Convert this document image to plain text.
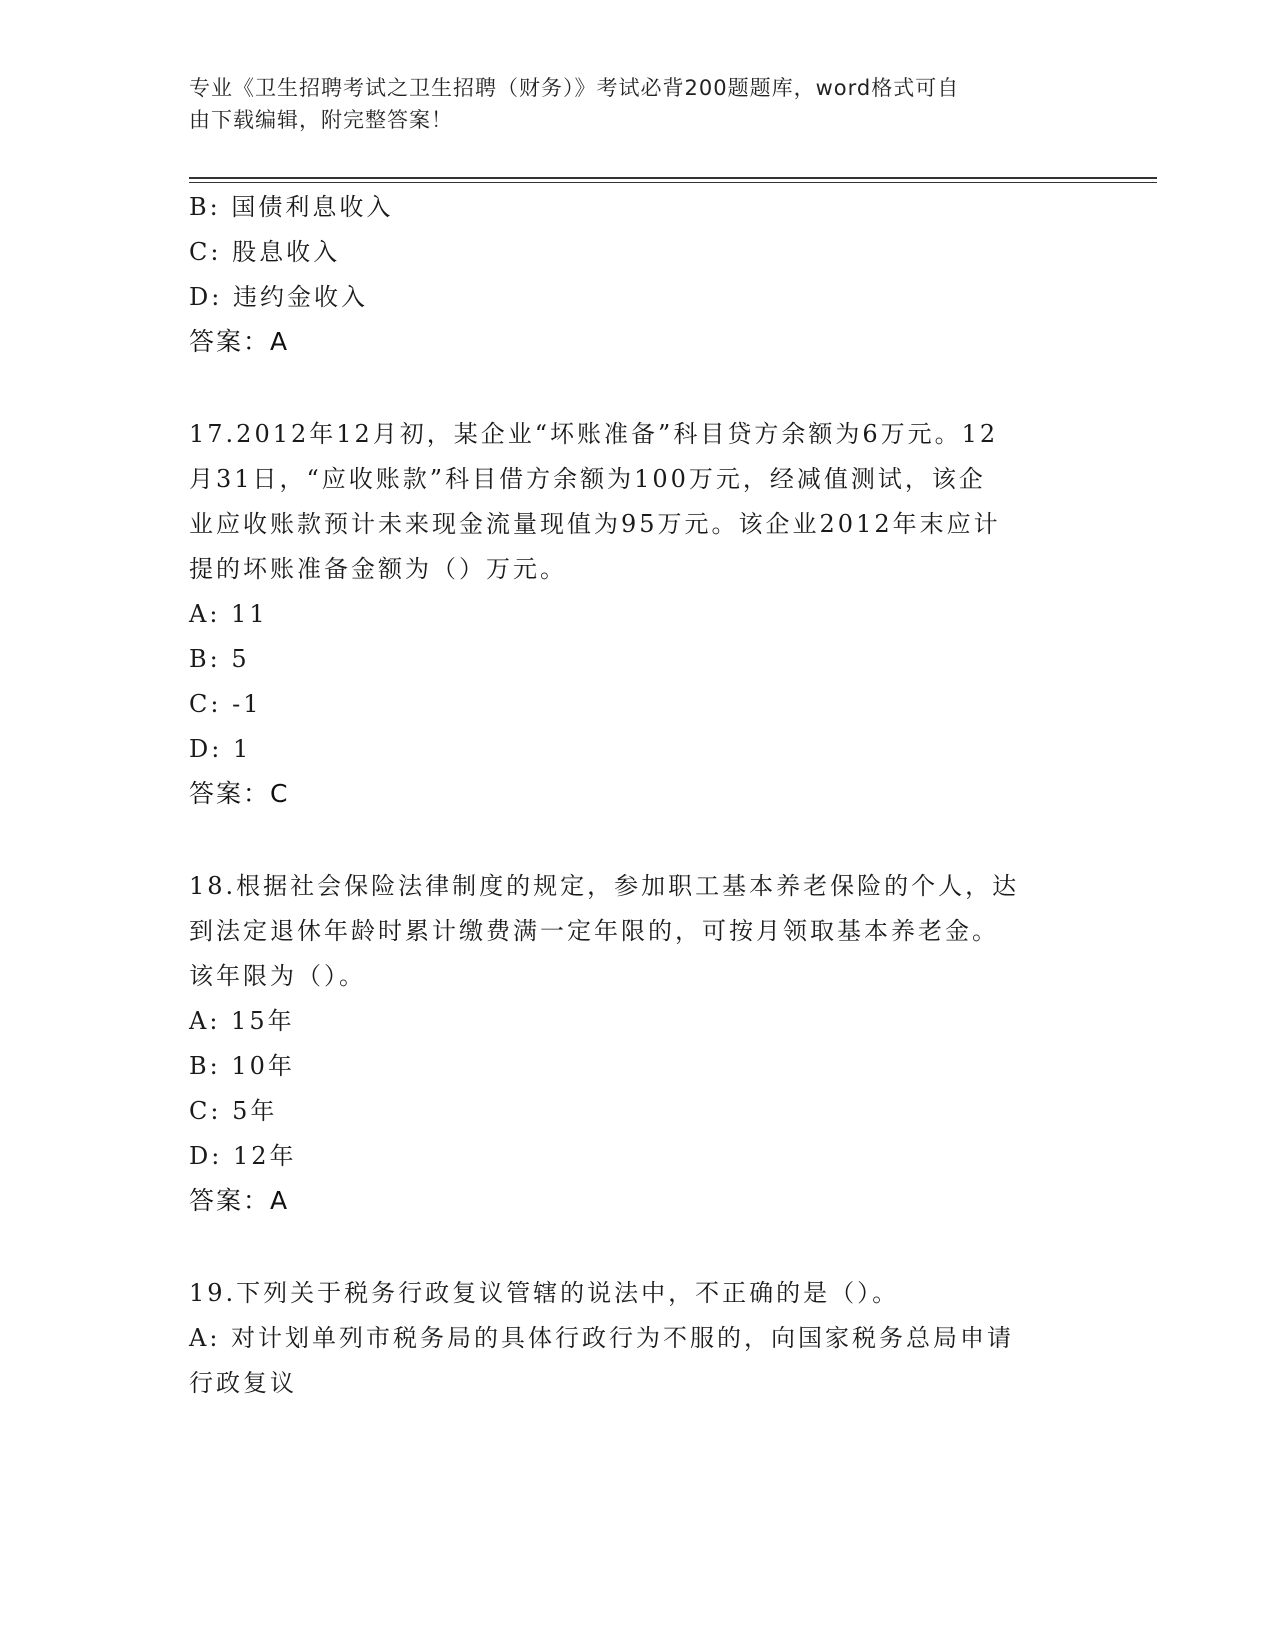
专业《卫生招聘考试之卫生招聘（财务）》考试必背200题题库，word格式可自
由下载编辑，附完整答案！
B: 国债利息收入
C: 股息收入
D: 违约金收入
答案：A
17.2012年12月初，某企业“坏账准备”科目贷方余额为6万元。12
月31日，“应收账款”科目借方余额为100万元，经减值测试，该企
业应收账款预计未来现金流量现值为95万元。该企业2012年末应计
提的坏账准备金额为（）万元。
A: 11
B: 5
C: -1
D: 1
答案：C
18.根据社会保险法律制度的规定，参加职工基本养老保险的个人，达
到法定退休年龄时累计缴费满一定年限的，可按月领取基本养老金。
该年限为（）。
A: 15年
B: 10年
C: 5年
D: 12年
答案：A
19.下列关于税务行政复议管辖的说法中，不正确的是（）。
A: 对计划单列市税务局的具体行政行为不服的，向国家税务总局申请
行政复议
